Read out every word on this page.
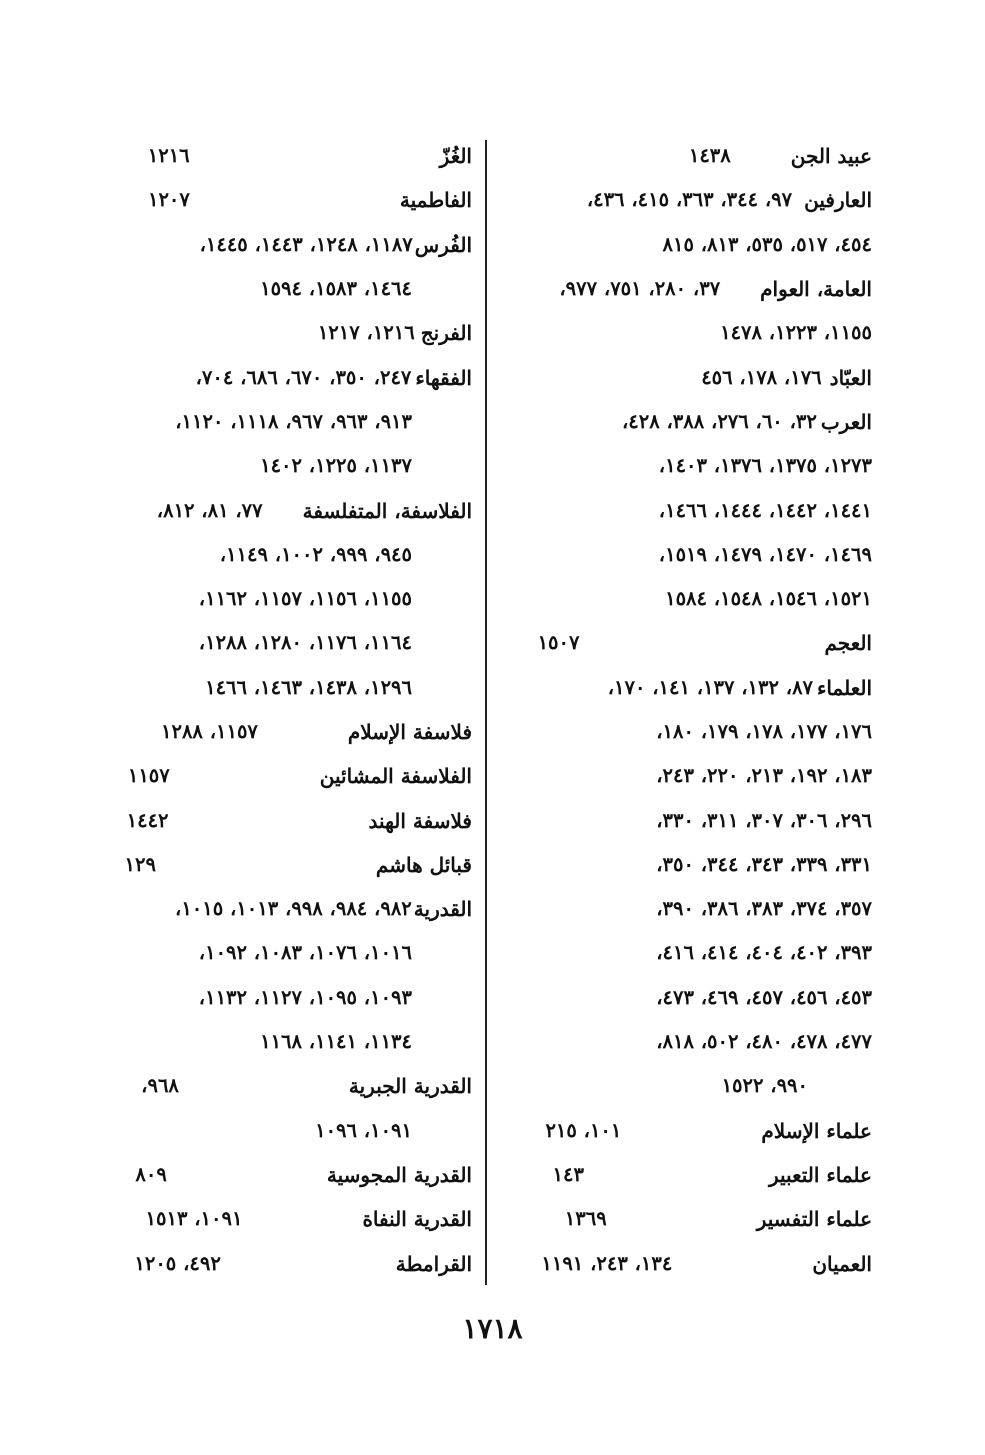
عبيد الجن
١٤٣٨
العارفين
٩٧، ٣٤٤، ٣٦٣، ٤١٥، ٤٣٦،
٤٥٤، ٥١٧، ٥٣٥، ٨١٣، ٨١٥
العامة، العوام
٣٧، ٢٨٠، ٧٥١، ٩٧٧،
١١٥٥، ١٢٢٣، ١٤٧٨
العبّاد
١٧٦، ١٧٨، ٤٥٦
العرب
٣٢، ٦٠، ٢٧٦، ٣٨٨، ٤٢٨،
١٢٧٣، ١٣٧٥، ١٣٧٦، ١٤٠٣،
١٤٤١، ١٤٤٢، ١٤٤٤، ١٤٦٦،
١٤٦٩، ١٤٧٠، ١٤٧٩، ١٥١٩،
١٥٢١، ١٥٤٦، ١٥٤٨، ١٥٨٤
العجم
١٥٠٧
العلماء
٨٧، ١٣٢، ١٣٧، ١٤١، ١٧٠،
١٧٦، ١٧٧، ١٧٨، ١٧٩، ١٨٠،
١٨٣، ١٩٢، ٢١٣، ٢٢٠، ٢٤٣،
٢٩٦، ٣٠٦، ٣٠٧، ٣١١، ٣٣٠،
٣٣١، ٣٣٩، ٣٤٣، ٣٤٤، ٣٥٠،
٣٥٧، ٣٧٤، ٣٨٣، ٣٨٦، ٣٩٠،
٣٩٣، ٤٠٢، ٤٠٤، ٤١٤، ٤١٦،
٤٥٣، ٤٥٦، ٤٥٧، ٤٦٩، ٤٧٣،
٤٧٧، ٤٧٨، ٤٨٠، ٥٠٢، ٨١٨،
٩٩٠، ١٥٢٢
علماء الإسلام
١٠١، ٢١٥
علماء التعبير
١٤٣
علماء التفسير
١٣٦٩
العميان
١٣٤، ٢٤٣، ١١٩١
الغُزّ
١٢١٦
الفاطمية
١٢٠٧
الفُرس
١١٨٧، ١٢٤٨، ١٤٤٣، ١٤٤٥،
١٤٦٤، ١٥٨٣، ١٥٩٤
الفرنج
١٢١٦، ١٢١٧
الفقهاء
٢٤٧، ٣٥٠، ٦٧٠، ٦٨٦، ٧٠٤،
٩١٣، ٩٦٣، ٩٦٧، ١١١٨، ١١٢٠،
١١٣٧، ١٢٢٥، ١٤٠٢
الفلاسفة، المتفلسفة
٧٧، ٨١، ٨١٢،
٩٤٥، ٩٩٩، ١٠٠٢، ١١٤٩،
١١٥٥، ١١٥٦، ١١٥٧، ١١٦٢،
١١٦٤، ١١٧٦، ١٢٨٠، ١٢٨٨،
١٢٩٦، ١٤٣٨، ١٤٦٣، ١٤٦٦
فلاسفة الإسلام
١١٥٧، ١٢٨٨
الفلاسفة المشائين
١١٥٧
فلاسفة الهند
١٤٤٢
قبائل هاشم
١٢٩
القدرية
٩٨٢، ٩٨٤، ٩٩٨، ١٠١٣، ١٠١٥،
١٠١٦، ١٠٧٦، ١٠٨٣، ١٠٩٢،
١٠٩٣، ١٠٩٥، ١١٢٧، ١١٣٢،
١١٣٤، ١١٤١، ١١٦٨
القدرية الجبرية
٩٦٨،
١٠٩١، ١٠٩٦
القدرية المجوسية
٨٠٩
القدرية النفاة
١٠٩١، ١٥١٣
القرامطة
٤٩٢، ١٢٠٥
١٧١٨
